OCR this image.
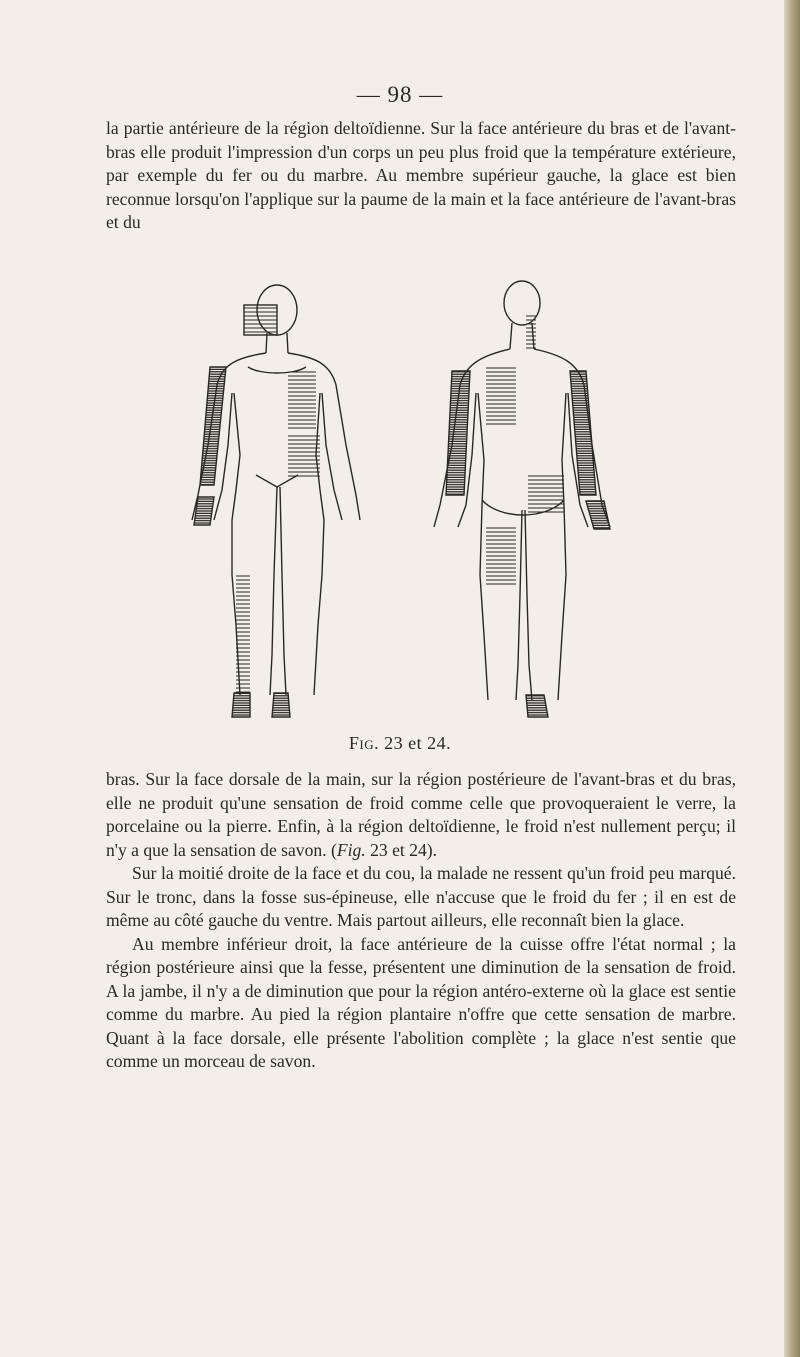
— 98 —

la partie antérieure de la région deltoïdienne. Sur la face antérieure du bras et de l'avant-bras elle produit l'impression d'un corps un peu plus froid que la température extérieure, par exemple du fer ou du marbre. Au membre supérieur gauche, la glace est bien reconnue lorsqu'on l'applique sur la paume de la main et la face antérieure de l'avant-bras et du

Fig. 23 et 24.

bras. Sur la face dorsale de la main, sur la région postérieure de l'avant-bras et du bras, elle ne produit qu'une sensation de froid comme celle que provoqueraient le verre, la porcelaine ou la pierre. Enfin, à la région deltoïdienne, le froid n'est nullement perçu; il n'y a que la sensation de savon. (Fig. 23 et 24).

Sur la moitié droite de la face et du cou, la malade ne ressent qu'un froid peu marqué. Sur le tronc, dans la fosse sus-épineuse, elle n'accuse que le froid du fer ; il en est de même au côté gauche du ventre. Mais partout ailleurs, elle reconnaît bien la glace.

Au membre inférieur droit, la face antérieure de la cuisse offre l'état normal ; la région postérieure ainsi que la fesse, présentent une diminution de la sensation de froid. A la jambe, il n'y a de diminution que pour la région antéro-externe où la glace est sentie comme du marbre. Au pied la région plantaire n'offre que cette sensation de marbre. Quant à la face dorsale, elle présente l'abolition complète ; la glace n'est sentie que comme un morceau de savon.
